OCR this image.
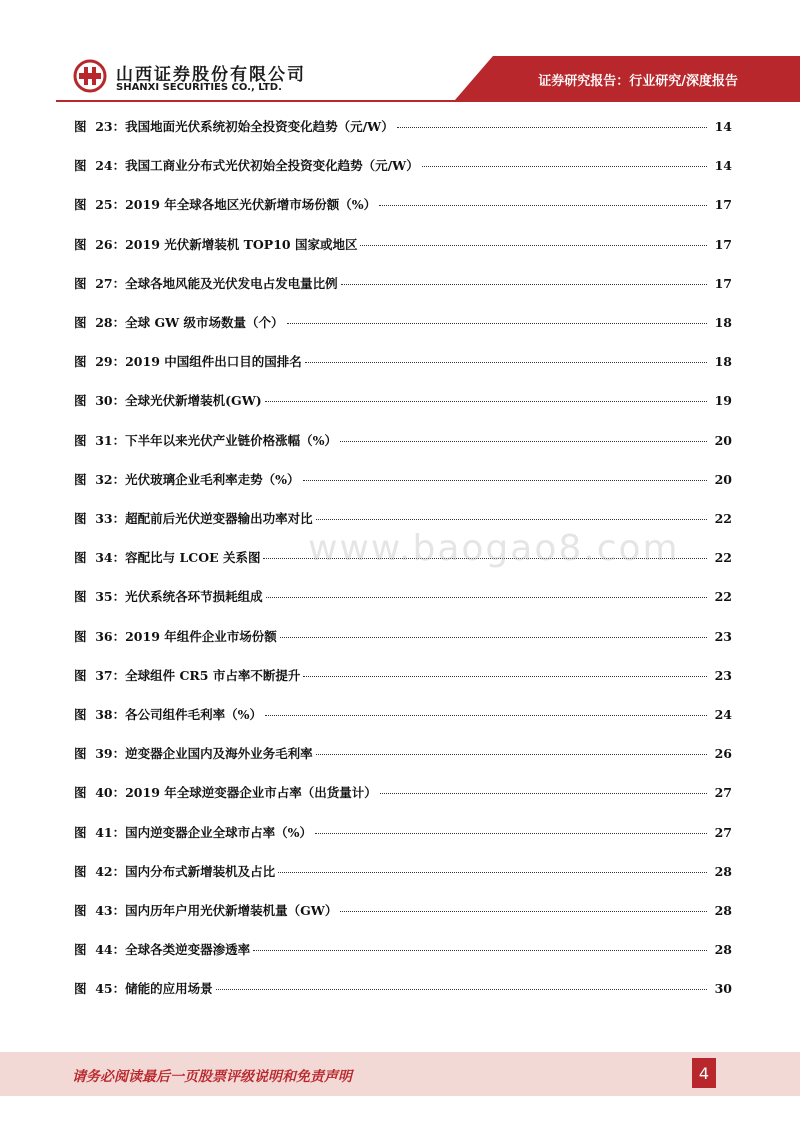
山西证券股份有限公司
SHANXI SECURITIES CO., LTD.	证券研究报告：行业研究/深度报告
图  23： 我国地面光伏系统初始全投资变化趋势（元/W）	14
图  24： 我国工商业分布式光伏初始全投资变化趋势（元/W）	14
图  25： 2019 年全球各地区光伏新增市场份额（%）	17
图  26： 2019 光伏新增装机 TOP10 国家或地区	17
图  27： 全球各地风能及光伏发电占发电量比例	17
图  28： 全球 GW 级市场数量（个）	18
图  29： 2019 中国组件出口目的国排名	18
图  30： 全球光伏新增装机(GW)	19
图  31： 下半年以来光伏产业链价格涨幅（%）	20
图  32： 光伏玻璃企业毛利率走势（%）	20
图  33： 超配前后光伏逆变器输出功率对比	22
图  34： 容配比与 LCOE 关系图	22
图  35： 光伏系统各环节损耗组成	22
图  36： 2019 年组件企业市场份额	23
图  37： 全球组件 CR5 市占率不断提升	23
图  38： 各公司组件毛利率（%）	24
图  39： 逆变器企业国内及海外业务毛利率	26
图  40： 2019 年全球逆变器企业市占率（出货量计）	27
图  41： 国内逆变器企业全球市占率（%）	27
图  42： 国内分布式新增装机及占比	28
图  43： 国内历年户用光伏新增装机量（GW）	28
图  44： 全球各类逆变器渗透率	28
图  45： 储能的应用场景	30
www.baogao8.com
请务必阅读最后一页股票评级说明和免责声明	4
